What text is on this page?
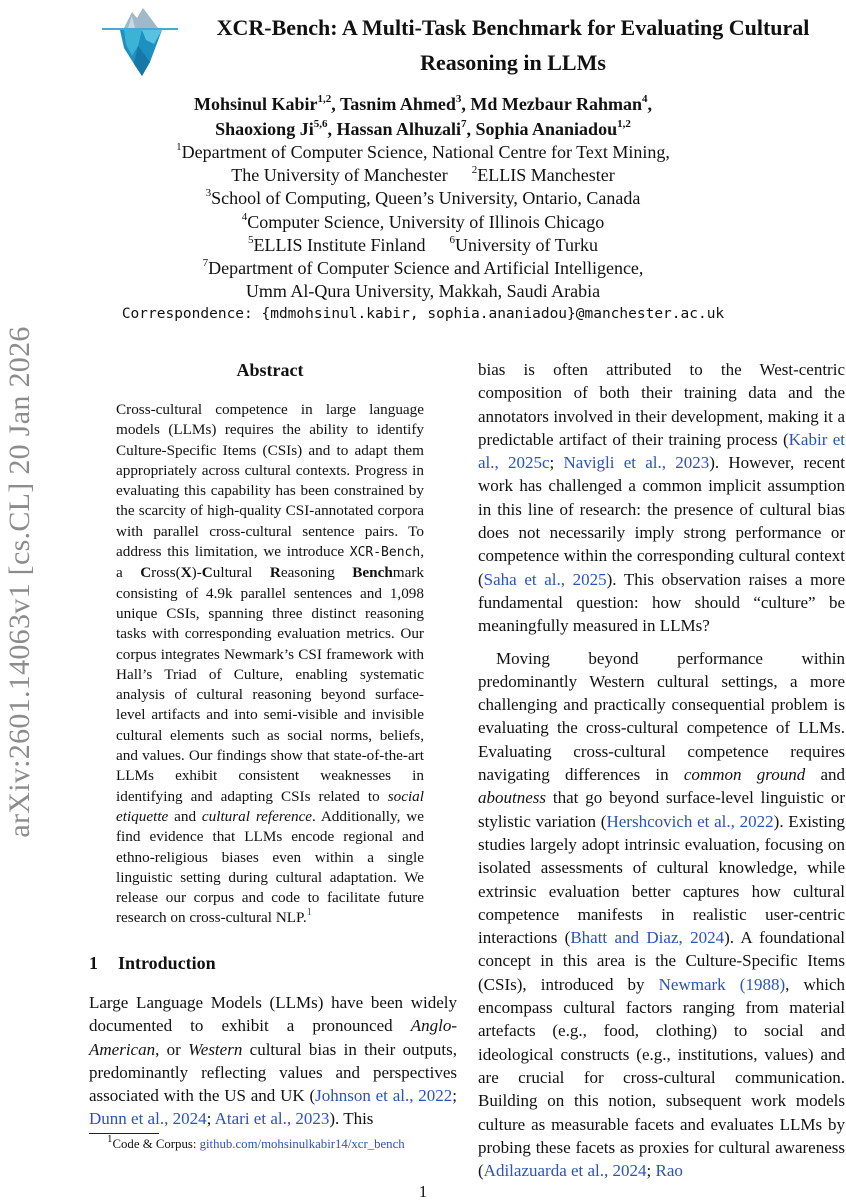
arXiv:2601.14063v1 [cs.CL] 20 Jan 2026
XCR-Bench: A Multi-Task Benchmark for Evaluating Cultural Reasoning in LLMs
Mohsinul Kabir$^{1,2}$, Tasnim Ahmed$^3$, Md Mezbaur Rahman$^4$,
Shaoxiong Ji$^{5,6}$, Hassan Alhuzali$^7$, Sophia Ananiadou$^{1,2}$
$^1$Department of Computer Science, National Centre for Text Mining,
The University of Manchester $^2$ELLIS Manchester
$^3$School of Computing, Queen’s University, Ontario, Canada
$^4$Computer Science, University of Illinois Chicago
$^5$ELLIS Institute Finland $^6$University of Turku
$^7$Department of Computer Science and Artificial Intelligence,
Umm Al-Qura University, Makkah, Saudi Arabia
Correspondence: {mdmohsinul.kabir, sophia.ananiadou}@manchester.ac.uk
Abstract
Cross-cultural competence in large language models (LLMs) requires the ability to identify Culture-Specific Items (CSIs) and to adapt them appropriately across cultural contexts. Progress in evaluating this capability has been constrained by the scarcity of high-quality CSI-annotated corpora with parallel cross-cultural sentence pairs. To address this limitation, we introduce XCR-Bench, a Cross(X)-Cultural Reasoning Benchmark consisting of 4.9k parallel sentences and 1,098 unique CSIs, spanning three distinct reasoning tasks with corresponding evaluation metrics. Our corpus integrates Newmark’s CSI framework with Hall’s Triad of Culture, enabling systematic analysis of cultural reasoning beyond surface-level artifacts and into semi-visible and invisible cultural elements such as social norms, beliefs, and values. Our findings show that state-of-the-art LLMs exhibit consistent weaknesses in identifying and adapting CSIs related to social etiquette and cultural reference. Additionally, we find evidence that LLMs encode regional and ethno-religious biases even within a single linguistic setting during cultural adaptation. We release our corpus and code to facilitate future research on cross-cultural NLP.$^1$
1 Introduction
Large Language Models (LLMs) have been widely documented to exhibit a pronounced Anglo-American, or Western cultural bias in their outputs, predominantly reflecting values and perspectives associated with the US and UK (Johnson et al., 2022; Dunn et al., 2024; Atari et al., 2023). This
$^1$Code & Corpus: github.com/mohsinulkabir14/xcr_bench

bias is often attributed to the West-centric composition of both their training data and the annotators involved in their development, making it a predictable artifact of their training process (Kabir et al., 2025c; Navigli et al., 2023). However, recent work has challenged a common implicit assumption in this line of research: the presence of cultural bias does not necessarily imply strong performance or competence within the corresponding cultural context (Saha et al., 2025). This observation raises a more fundamental question: how should “culture” be meaningfully measured in LLMs?

Moving beyond performance within predominantly Western cultural settings, a more challenging and practically consequential problem is evaluating the cross-cultural competence of LLMs. Evaluating cross-cultural competence requires navigating differences in common ground and aboutness that go beyond surface-level linguistic or stylistic variation (Hershcovich et al., 2022). Existing studies largely adopt intrinsic evaluation, focusing on isolated assessments of cultural knowledge, while extrinsic evaluation better captures how cultural competence manifests in realistic user-centric interactions (Bhatt and Diaz, 2024). A foundational concept in this area is the Culture-Specific Items (CSIs), introduced by Newmark (1988), which encompass cultural factors ranging from material artefacts (e.g., food, clothing) to social and ideological constructs (e.g., institutions, values) and are crucial for cross-cultural communication. Building on this notion, subsequent work models culture as measurable facets and evaluates LLMs by probing these facets as proxies for cultural awareness (Adilazuarda et al., 2024; Rao

1
